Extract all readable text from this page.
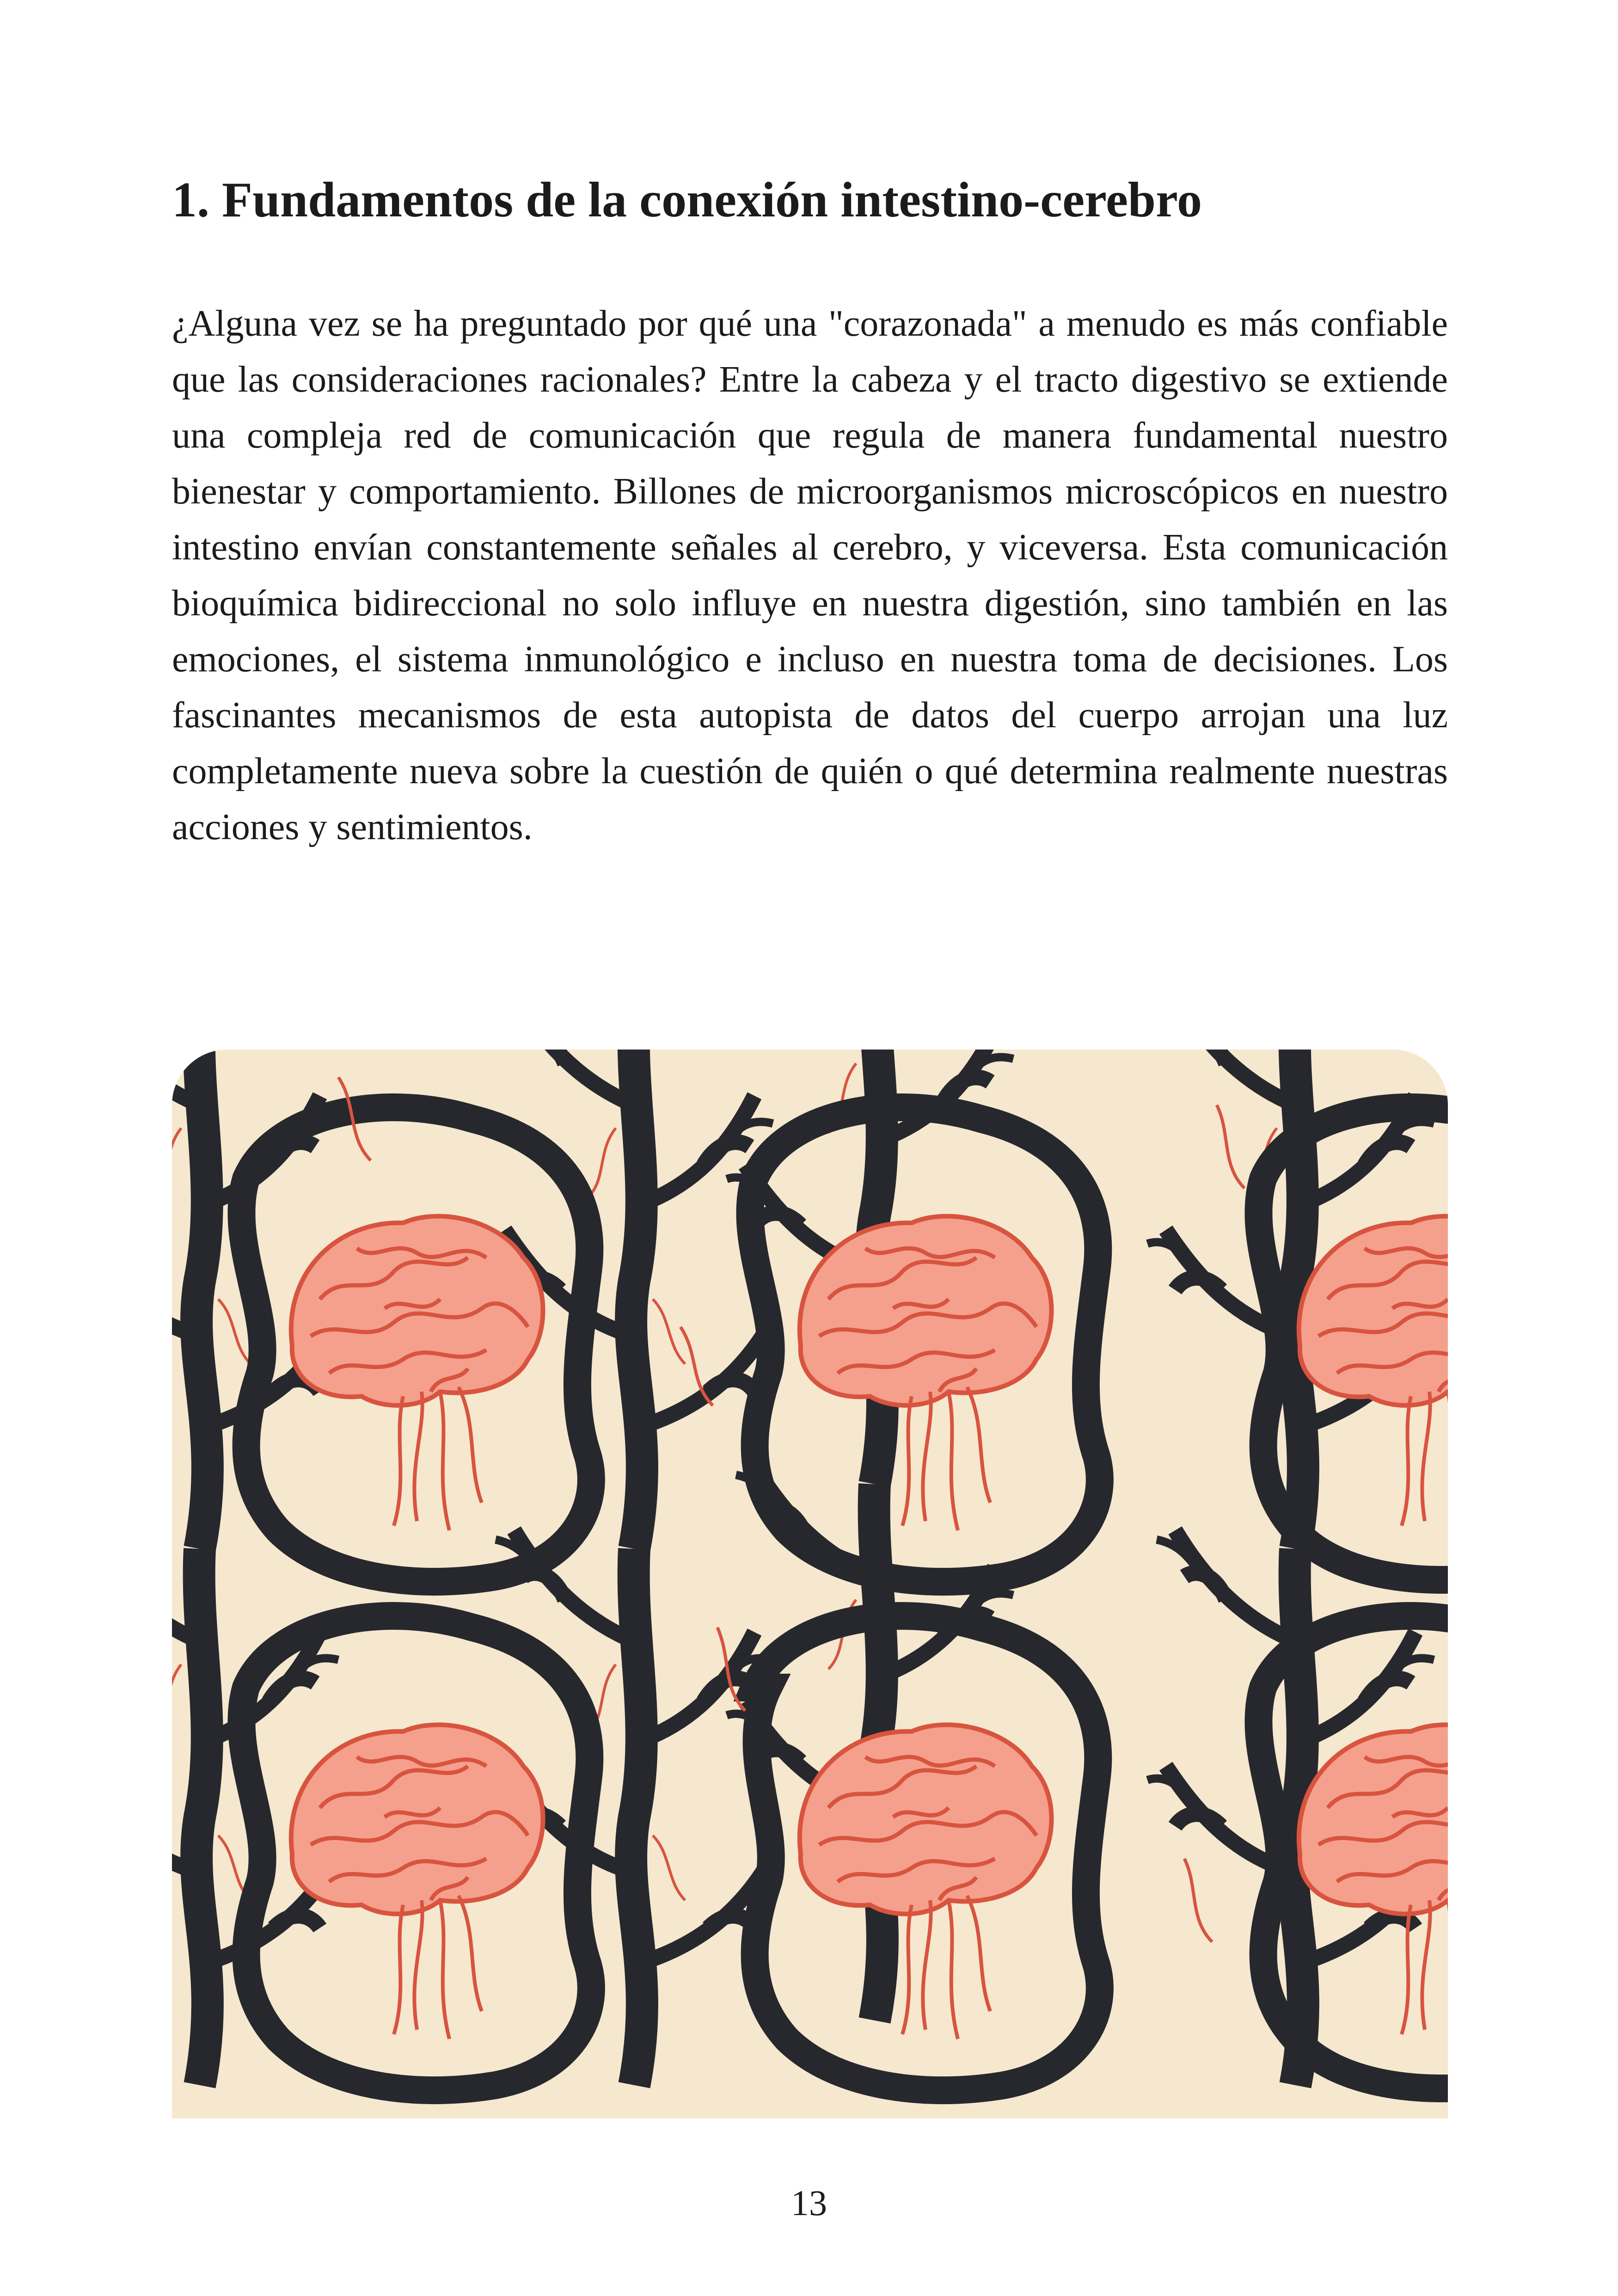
1. Fundamentos de la conexión intestino-cerebro

¿Alguna vez se ha preguntado por qué una "corazonada" a menudo es más confiable que las consideraciones racionales? Entre la cabeza y el tracto digestivo se extiende una compleja red de comunicación que regula de manera fundamental nuestro bienestar y comportamiento. Billones de microorganismos microscópicos en nuestro intestino envían constantemente señales al cerebro, y viceversa. Esta comunicación bioquímica bidireccional no solo influye en nuestra digestión, sino también en las emociones, el sistema inmunológico e incluso en nuestra toma de decisiones. Los fascinantes mecanismos de esta autopista de datos del cuerpo arrojan una luz completamente nueva sobre la cuestión de quién o qué determina realmente nuestras acciones y sentimientos.

13
